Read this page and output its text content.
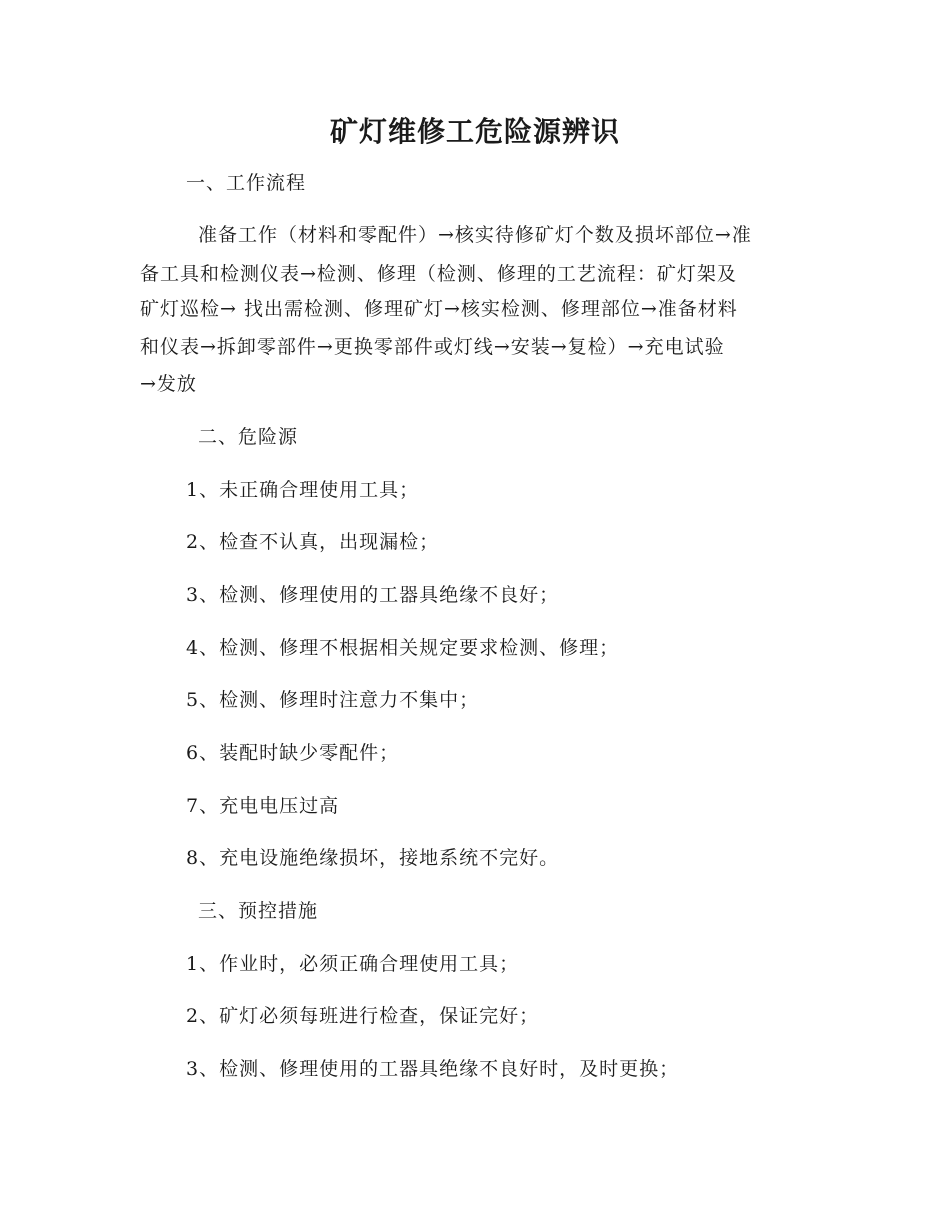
矿灯维修工危险源辨识
一、工作流程
　准备工作（材料和零配件）→核实待修矿灯个数及损坏部位→准
备工具和检测仪表→检测、修理（检测、修理的工艺流程：矿灯架及
矿灯巡检→ 找出需检测、修理矿灯→核实检测、修理部位→准备材料
和仪表→拆卸零部件→更换零部件或灯线→安装→复检）→充电试验
→发放
二、危险源
1、未正确合理使用工具；
2、检查不认真，出现漏检；
3、检测、修理使用的工器具绝缘不良好；
4、检测、修理不根据相关规定要求检测、修理；
5、检测、修理时注意力不集中；
6、装配时缺少零配件；
7、充电电压过高
8、充电设施绝缘损坏，接地系统不完好。
三、预控措施
1、作业时，必须正确合理使用工具；
2、矿灯必须每班进行检查，保证完好；
3、检测、修理使用的工器具绝缘不良好时，及时更换；
